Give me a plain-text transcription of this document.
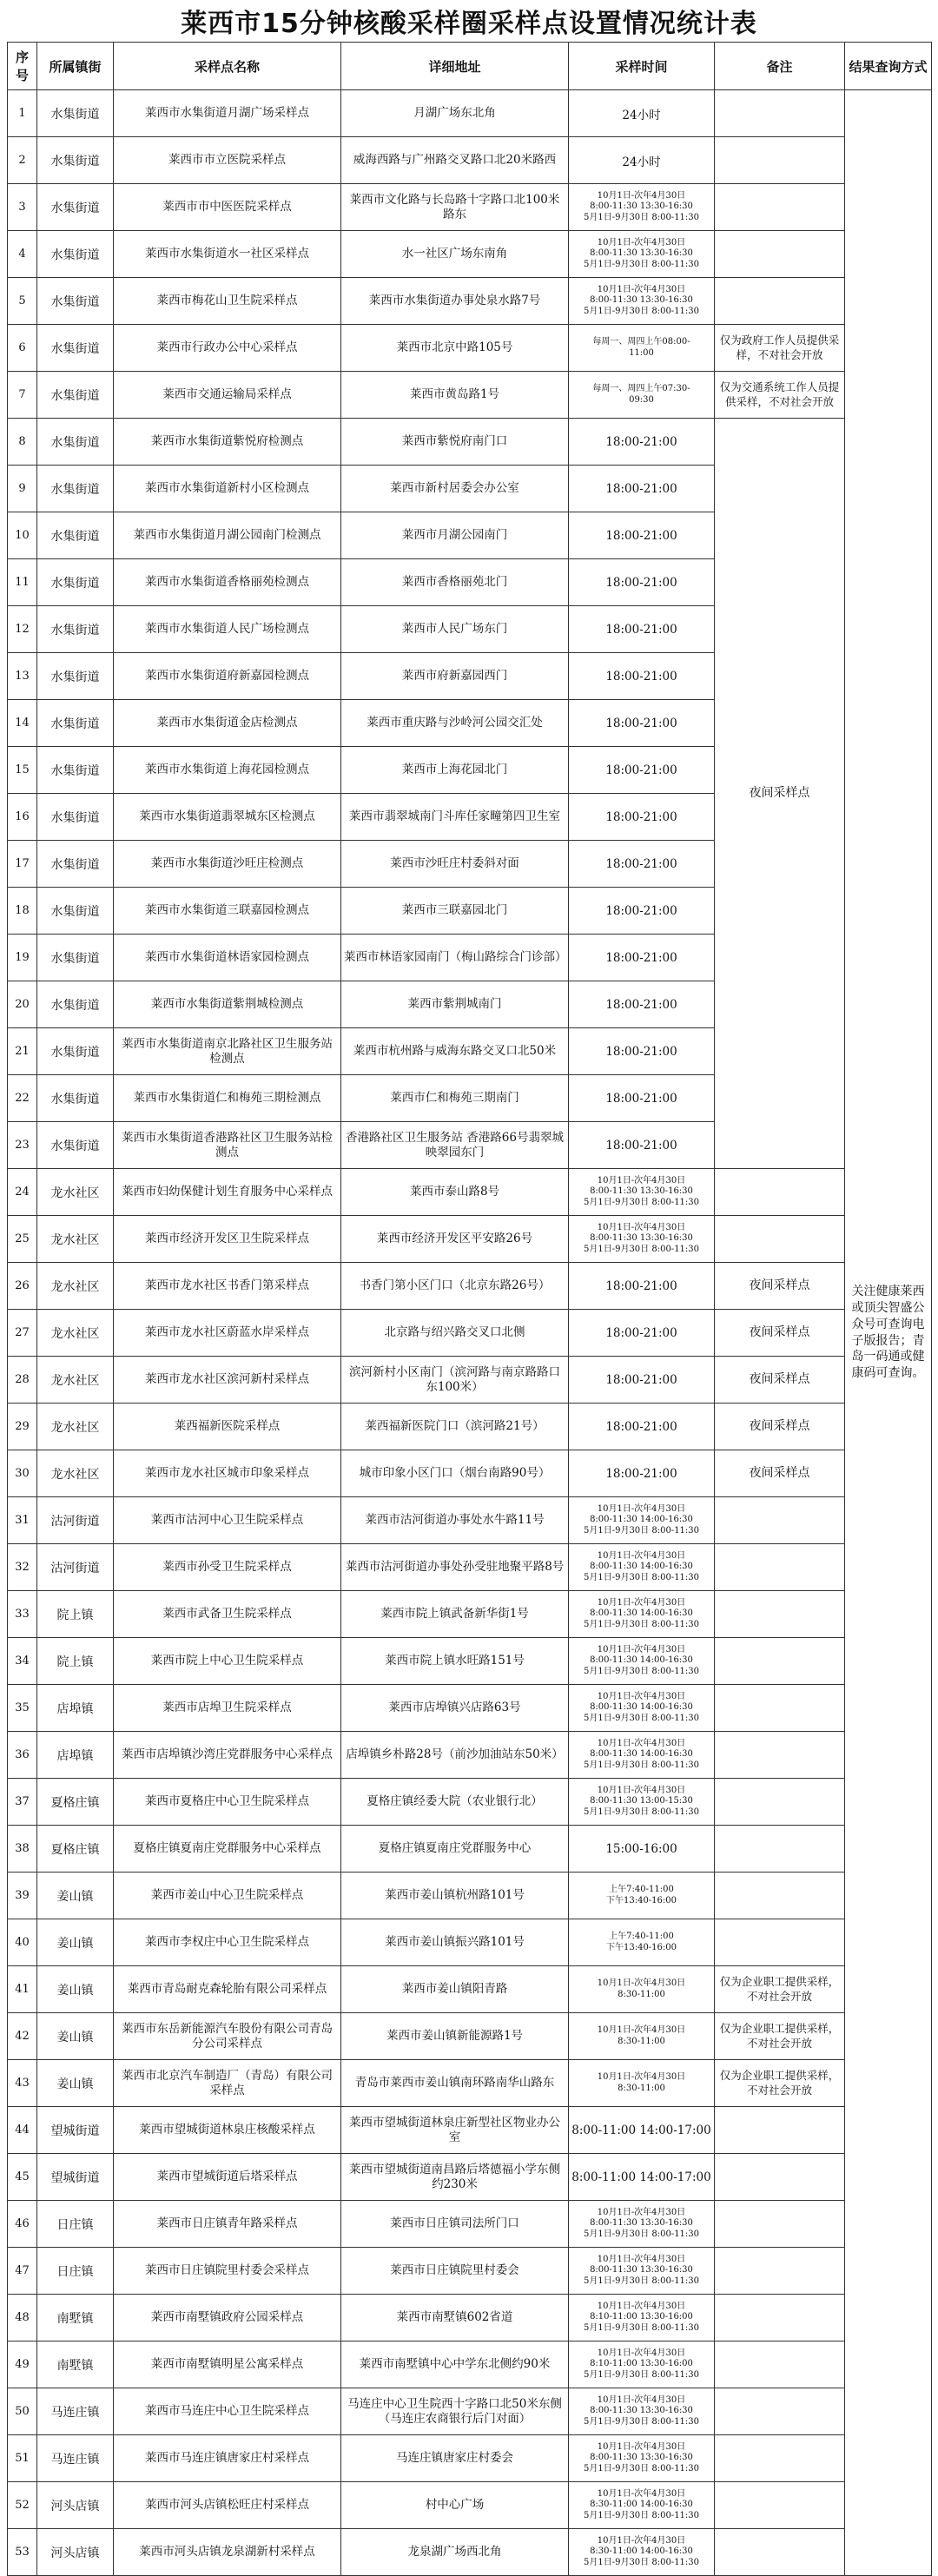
莱西市15分钟核酸采样圈采样点设置情况统计表
序号	所属镇街	采样点名称	详细地址	采样时间	备注	结果查询方式
1	水集街道	莱西市水集街道月湖广场采样点	月湖广场东北角	24小时		关注健康莱西或顶尖智盛公众号可查询电子版报告；青岛一码通或健康码可查询。
2	水集街道	莱西市市立医院采样点	威海西路与广州路交叉路口北20米路西	24小时		

3	水集街道	莱西市市中医医院采样点	莱西市文化路与长岛路十字路口北100米路东	10月1日-次年4月30日
8:00-11:30 13:30-16:30
5月1日-9月30日 8:00-11:30		

4	水集街道	莱西市水集街道水一社区采样点	水一社区广场东南角	10月1日-次年4月30日
8:00-11:30 13:30-16:30
5月1日-9月30日 8:00-11:30		

5	水集街道	莱西市梅花山卫生院采样点	莱西市水集街道办事处泉水路7号	10月1日-次年4月30日
8:00-11:30 13:30-16:30
5月1日-9月30日 8:00-11:30		

6	水集街道	莱西市行政办公中心采样点	莱西市北京中路105号	每周一、周四上午08:00-
11:00	仅为政府工作人员提供采样，不对社会开放	
7	水集街道	莱西市交通运输局采样点	莱西市黄岛路1号	每周一、周四上午07:30-
09:30	仅为交通系统工作人员提供采样，不对社会开放	
8	水集街道	莱西市水集街道紫悦府检测点	莱西市紫悦府南门口	18:00-21:00	夜间采样点	
9	水集街道	莱西市水集街道新村小区检测点	莱西市新村居委会办公室	18:00-21:00		

10	水集街道	莱西市水集街道月湖公园南门检测点	莱西市月湖公园南门	18:00-21:00		

11	水集街道	莱西市水集街道香格丽苑检测点	莱西市香格丽苑北门	18:00-21:00		

12	水集街道	莱西市水集街道人民广场检测点	莱西市人民广场东门	18:00-21:00		

13	水集街道	莱西市水集街道府新嘉园检测点	莱西市府新嘉园西门	18:00-21:00		

14	水集街道	莱西市水集街道金店检测点	莱西市重庆路与沙岭河公园交汇处	18:00-21:00		

15	水集街道	莱西市水集街道上海花园检测点	莱西市上海花园北门	18:00-21:00		

16	水集街道	莱西市水集街道翡翠城东区检测点	莱西市翡翠城南门斗库任家疃第四卫生室	18:00-21:00		

17	水集街道	莱西市水集街道沙旺庄检测点	莱西市沙旺庄村委斜对面	18:00-21:00		

18	水集街道	莱西市水集街道三联嘉园检测点	莱西市三联嘉园北门	18:00-21:00		

19	水集街道	莱西市水集街道林语家园检测点	莱西市林语家园南门（梅山路综合门诊部）	18:00-21:00		

20	水集街道	莱西市水集街道紫荆城检测点	莱西市紫荆城南门	18:00-21:00		

21	水集街道	莱西市水集街道南京北路社区卫生服务站检测点	莱西市杭州路与威海东路交叉口北50米	18:00-21:00		

22	水集街道	莱西市水集街道仁和梅苑三期检测点	莱西市仁和梅苑三期南门	18:00-21:00		

23	水集街道	莱西市水集街道香港路社区卫生服务站检测点	香港路社区卫生服务站 香港路66号翡翠城映翠园东门	18:00-21:00		

24	龙水社区	莱西市妇幼保健计划生育服务中心采样点	莱西市泰山路8号	10月1日-次年4月30日
8:00-11:30 13:30-16:30
5月1日-9月30日 8:00-11:30		

25	龙水社区	莱西市经济开发区卫生院采样点	莱西市经济开发区平安路26号	10月1日-次年4月30日
8:00-11:30 13:30-16:30
5月1日-9月30日 8:00-11:30		

26	龙水社区	莱西市龙水社区书香门第采样点	书香门第小区门口（北京东路26号）	18:00-21:00	夜间采样点	
27	龙水社区	莱西市龙水社区蔚蓝水岸采样点	北京路与绍兴路交叉口北侧	18:00-21:00	夜间采样点	
28	龙水社区	莱西市龙水社区滨河新村采样点	滨河新村小区南门（滨河路与南京路路口东100米）	18:00-21:00	夜间采样点	
29	龙水社区	莱西福新医院采样点	莱西福新医院门口（滨河路21号）	18:00-21:00	夜间采样点	
30	龙水社区	莱西市龙水社区城市印象采样点	城市印象小区门口（烟台南路90号）	18:00-21:00	夜间采样点	
31	沽河街道	莱西市沽河中心卫生院采样点	莱西市沽河街道办事处水牛路11号	10月1日-次年4月30日
8:00-11:30 14:00-16:30
5月1日-9月30日 8:00-11:30		

32	沽河街道	莱西市孙受卫生院采样点	莱西市沽河街道办事处孙受驻地聚平路8号	10月1日-次年4月30日
8:00-11:30 14:00-16:30
5月1日-9月30日 8:00-11:30		

33	院上镇	莱西市武备卫生院采样点	莱西市院上镇武备新华街1号	10月1日-次年4月30日
8:00-11:30 14:00-16:30
5月1日-9月30日 8:00-11:30		

34	院上镇	莱西市院上中心卫生院采样点	莱西市院上镇水旺路151号	10月1日-次年4月30日
8:00-11:30 14:00-16:30
5月1日-9月30日 8:00-11:30		

35	店埠镇	莱西市店埠卫生院采样点	莱西市店埠镇兴店路63号	10月1日-次年4月30日
8:00-11:30 14:00-16:30
5月1日-9月30日 8:00-11:30		

36	店埠镇	莱西市店埠镇沙湾庄党群服务中心采样点	店埠镇乡朴路28号（前沙加油站东50米）	10月1日-次年4月30日
8:00-11:30 14:00-16:30
5月1日-9月30日 8:00-11:30		

37	夏格庄镇	莱西市夏格庄中心卫生院采样点	夏格庄镇经委大院（农业银行北）	10月1日-次年4月30日
8:00-11:30 13:00-15:30
5月1日-9月30日 8:00-11:30		

38	夏格庄镇	夏格庄镇夏南庄党群服务中心采样点	夏格庄镇夏南庄党群服务中心	15:00-16:00		

39	姜山镇	莱西市姜山中心卫生院采样点	莱西市姜山镇杭州路101号	上午7:40-11:00
下午13:40-16:00		

40	姜山镇	莱西市李权庄中心卫生院采样点	莱西市姜山镇振兴路101号	上午7:40-11:00
下午13:40-16:00		

41	姜山镇	莱西市青岛耐克森轮胎有限公司采样点	莱西市姜山镇阳青路	10月1日-次年4月30日
8:30-11:00	仅为企业职工提供采样，不对社会开放	
42	姜山镇	莱西市东岳新能源汽车股份有限公司青岛分公司采样点	莱西市姜山镇新能源路1号	10月1日-次年4月30日
8:30-11:00	仅为企业职工提供采样，不对社会开放	
43	姜山镇	莱西市北京汽车制造厂（青岛）有限公司采样点	青岛市莱西市姜山镇南环路南华山路东	10月1日-次年4月30日
8:30-11:00	仅为企业职工提供采样，不对社会开放	
44	望城街道	莱西市望城街道林泉庄核酸采样点	莱西市望城街道林泉庄新型社区物业办公室	8:00-11:00 14:00-17:00		

45	望城街道	莱西市望城街道后塔采样点	莱西市望城街道南昌路后塔德福小学东侧约230米	8:00-11:00 14:00-17:00		

46	日庄镇	莱西市日庄镇青年路采样点	莱西市日庄镇司法所门口	10月1日-次年4月30日
8:00-11:30 13:30-16:30
5月1日-9月30日 8:00-11:30		

47	日庄镇	莱西市日庄镇院里村委会采样点	莱西市日庄镇院里村委会	10月1日-次年4月30日
8:00-11:30 13:30-16:30
5月1日-9月30日 8:00-11:30		

48	南墅镇	莱西市南墅镇政府公园采样点	莱西市南墅镇602省道	10月1日-次年4月30日
8:10-11:00 13:30-16:00
5月1日-9月30日 8:00-11:30		

49	南墅镇	莱西市南墅镇明星公寓采样点	莱西市南墅镇中心中学东北侧约90米	10月1日-次年4月30日
8:10-11:00 13:30-16:00
5月1日-9月30日 8:00-11:30		

50	马连庄镇	莱西市马连庄中心卫生院采样点	马连庄中心卫生院西十字路口北50米东侧（马连庄农商银行后门对面）	10月1日-次年4月30日
8:00-11:30 13:30-16:30
5月1日-9月30日 8:00-11:30		

51	马连庄镇	莱西市马连庄镇唐家庄村采样点	马连庄镇唐家庄村委会	10月1日-次年4月30日
8:00-11:30 13:30-16:30
5月1日-9月30日 8:00-11:30		

52	河头店镇	莱西市河头店镇松旺庄村采样点	村中心广场	10月1日-次年4月30日
8:30-11:00 14:00-16:30
5月1日-9月30日 8:00-11:30		

53	河头店镇	莱西市河头店镇龙泉湖新村采样点	龙泉湖广场西北角	10月1日-次年4月30日
8:30-11:00 14:00-16:30
5月1日-9月30日 8:00-11:30		
